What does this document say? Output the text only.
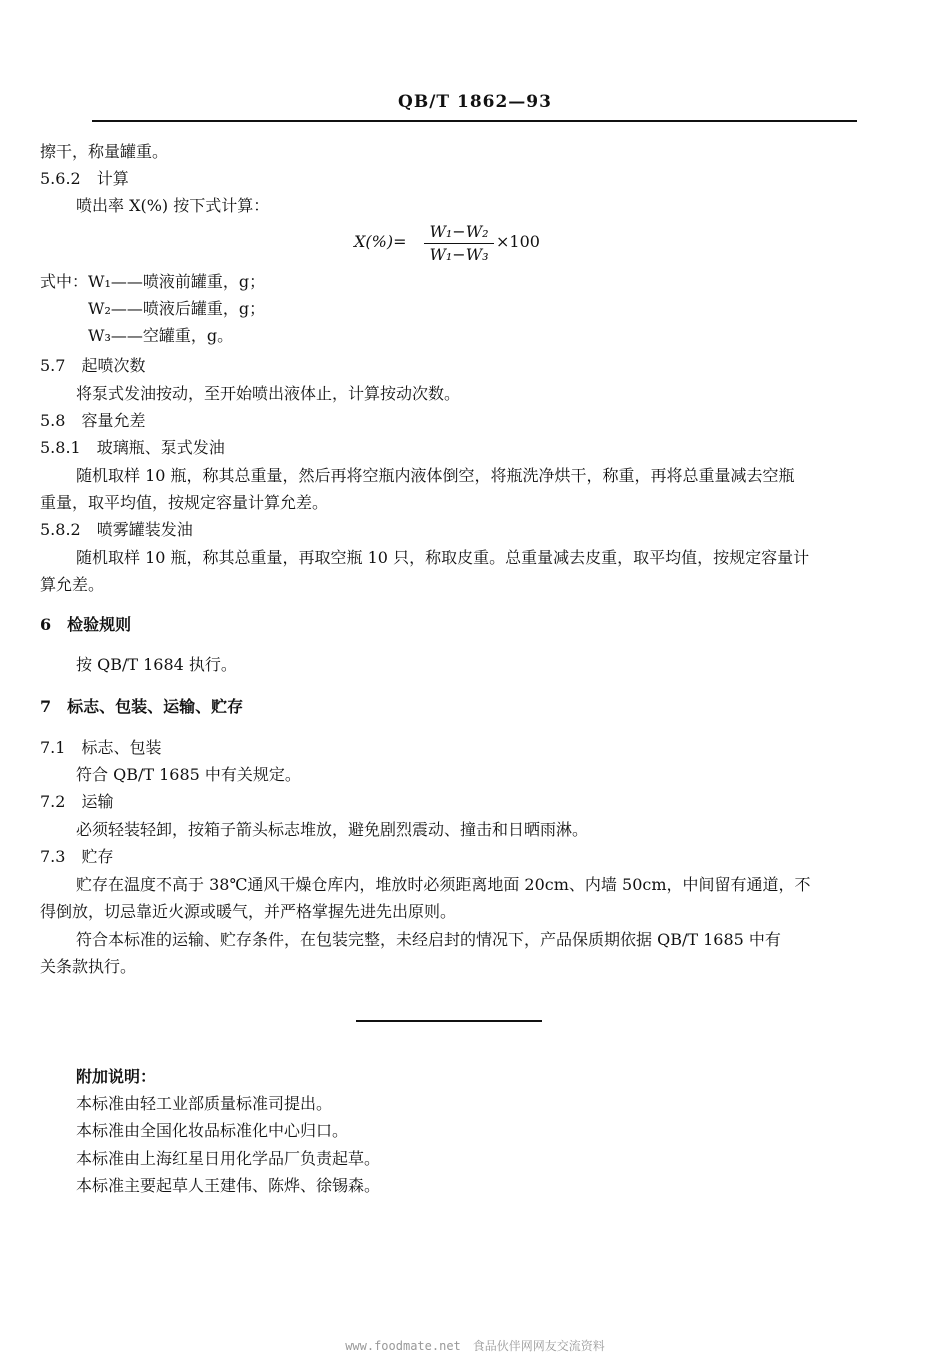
QB/T 1862—93
擦干，称量罐重。
5.6.2　计算
喷出率 X(%) 按下式计算：
$X(\%)= \frac{\text{W₁−W₂}}{\text{W₁−W₃}} \times 100$
式中：W₁——喷液前罐重，g；
W₂——喷液后罐重，g；
W₃——空罐重，g。
5.7　起喷次数
将泵式发油按动，至开始喷出液体止，计算按动次数。
5.8　容量允差
5.8.1　玻璃瓶、泵式发油
随机取样 10 瓶，称其总重量，然后再将空瓶内液体倒空，将瓶洗净烘干，称重，再将总重量减去空瓶
重量，取平均值，按规定容量计算允差。
5.8.2　喷雾罐装发油
随机取样 10 瓶，称其总重量，再取空瓶 10 只，称取皮重。总重量减去皮重，取平均值，按规定容量计
算允差。
6　检验规则
按 QB/T 1684 执行。
7　标志、包装、运输、贮存
7.1　标志、包装
符合 QB/T 1685 中有关规定。
7.2　运输
必须轻装轻卸，按箱子箭头标志堆放，避免剧烈震动、撞击和日晒雨淋。
7.3　贮存
贮存在温度不高于 38℃通风干燥仓库内，堆放时必须距离地面 20cm、内墙 50cm，中间留有通道，不
得倒放，切忌靠近火源或暖气，并严格掌握先进先出原则。
符合本标准的运输、贮存条件，在包装完整，未经启封的情况下，产品保质期依据 QB/T 1685 中有
关条款执行。
附加说明：
本标准由轻工业部质量标准司提出。
本标准由全国化妆品标准化中心归口。
本标准由上海红星日用化学品厂负责起草。
本标准主要起草人王建伟、陈烨、徐锡森。
www.foodmate.net　食品伙伴网网友交流资料
